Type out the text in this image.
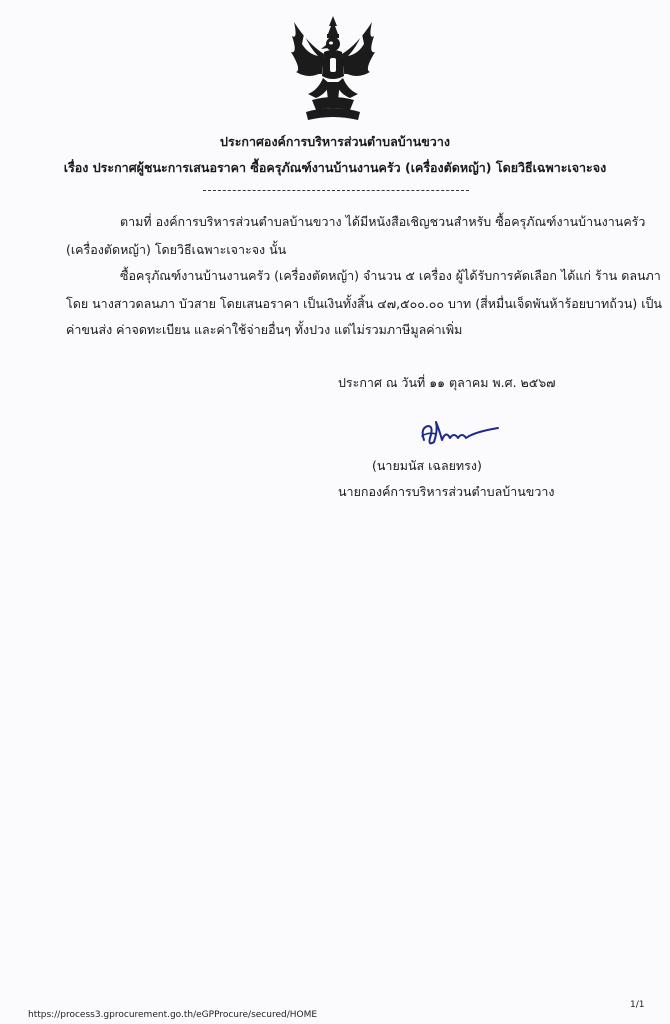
ประกาศองค์การบริหารส่วนตำบลบ้านขวาง
เรื่อง ประกาศผู้ชนะการเสนอราคา ซื้อครุภัณฑ์งานบ้านงานครัว (เครื่องตัดหญ้า) โดยวิธีเฉพาะเจาะจง
ตามที่ องค์การบริหารส่วนตำบลบ้านขวาง ได้มีหนังสือเชิญชวนสำหรับ ซื้อครุภัณฑ์งานบ้านงานครัว
(เครื่องตัดหญ้า) โดยวิธีเฉพาะเจาะจง นั้น
ซื้อครุภัณฑ์งานบ้านงานครัว (เครื่องตัดหญ้า) จำนวน ๕ เครื่อง ผู้ได้รับการคัดเลือก ได้แก่ ร้าน ดลนภา
โดย นางสาวดลนภา บัวสาย โดยเสนอราคา เป็นเงินทั้งสิ้น ๔๗,๕๐๐.๐๐ บาท (สี่หมื่นเจ็ดพันห้าร้อยบาทถ้วน) เป็น
ค่าขนส่ง ค่าจดทะเบียน และค่าใช้จ่ายอื่นๆ ทั้งปวง แต่ไม่รวมภาษีมูลค่าเพิ่ม
ประกาศ ณ วันที่ ๑๑ ตุลาคม พ.ศ. ๒๕๖๗
(นายมนัส เฉลยทรง)
นายกองค์การบริหารส่วนตำบลบ้านขวาง
1/1
https://process3.gprocurement.go.th/eGPProcure/secured/HOME
